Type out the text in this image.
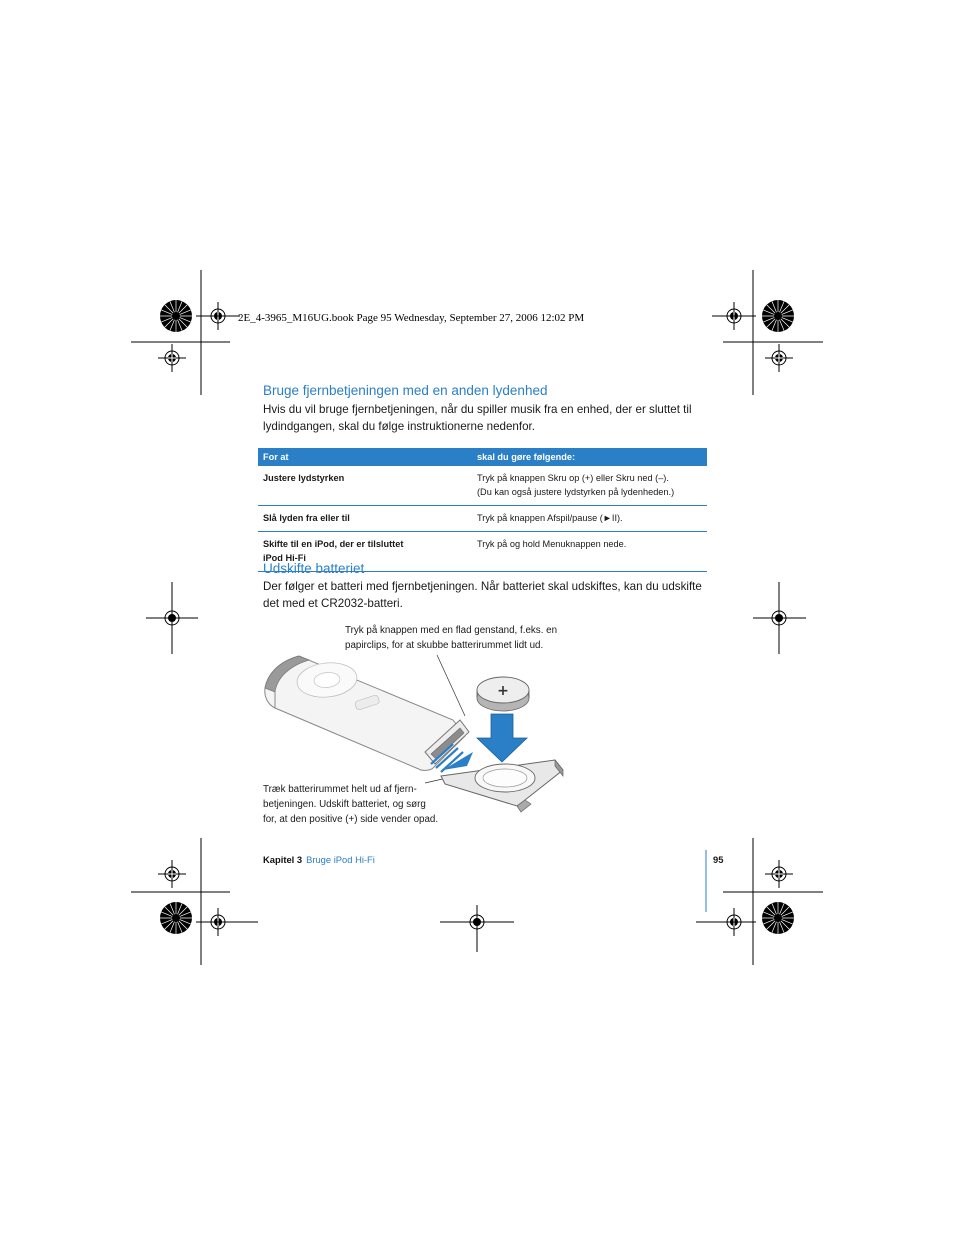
2E_4-3965_M16UG.book Page 95 Wednesday, September 27, 2006 12:02 PM
Bruge fjernbetjeningen med en anden lydenhed
Hvis du vil bruge fjernbetjeningen, når du spiller musik fra en enhed, der er sluttet til
lydindgangen, skal du følge instruktionerne nedenfor.
For at	skal du gøre følgende:

Justere lydstyrken	Tryk på knappen Skru op (+) eller Skru ned (–).
(Du kan også justere lydstyrken på lydenheden.)

Slå lyden fra eller til	Tryk på knappen Afspil/pause (►II).

Skifte til en iPod, der er tilsluttet
iPod Hi-Fi	Tryk på og hold Menuknappen nede.
Udskifte batteriet
Der følger et batteri med fjernbetjeningen. Når batteriet skal udskiftes, kan du udskifte
det med et CR2032-batteri.
Tryk på knappen med en flad genstand, f.eks. en
papirclips, for at skubbe batterirummet lidt ud.
Træk batterirummet helt ud af fjern-
betjeningen. Udskift batteriet, og sørg
for, at den positive (+) side vender opad.
+
Kapitel 3 Bruge iPod Hi-Fi	95
